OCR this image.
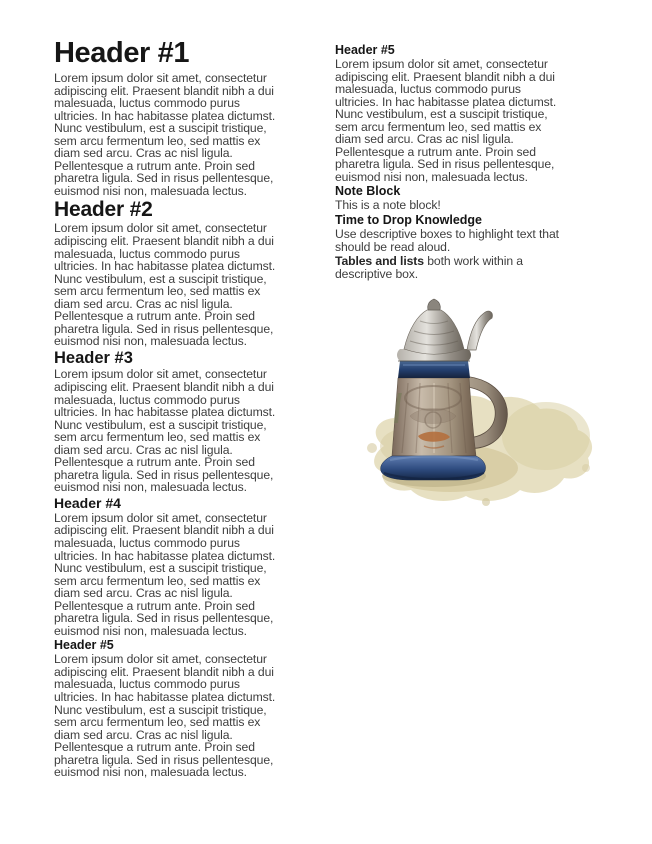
Header #1
Lorem ipsum dolor sit amet, consectetur
adipiscing elit. Praesent blandit nibh a dui
malesuada, luctus commodo purus
ultricies. In hac habitasse platea dictumst.
Nunc vestibulum, est a suscipit tristique,
sem arcu fermentum leo, sed mattis ex
diam sed arcu. Cras ac nisl ligula.
Pellentesque a rutrum ante. Proin sed
pharetra ligula. Sed in risus pellentesque,
euismod nisi non, malesuada lectus.
Header #2
Lorem ipsum dolor sit amet, consectetur
adipiscing elit. Praesent blandit nibh a dui
malesuada, luctus commodo purus
ultricies. In hac habitasse platea dictumst.
Nunc vestibulum, est a suscipit tristique,
sem arcu fermentum leo, sed mattis ex
diam sed arcu. Cras ac nisl ligula.
Pellentesque a rutrum ante. Proin sed
pharetra ligula. Sed in risus pellentesque,
euismod nisi non, malesuada lectus.
Header #3
Lorem ipsum dolor sit amet, consectetur
adipiscing elit. Praesent blandit nibh a dui
malesuada, luctus commodo purus
ultricies. In hac habitasse platea dictumst.
Nunc vestibulum, est a suscipit tristique,
sem arcu fermentum leo, sed mattis ex
diam sed arcu. Cras ac nisl ligula.
Pellentesque a rutrum ante. Proin sed
pharetra ligula. Sed in risus pellentesque,
euismod nisi non, malesuada lectus.
Header #4
Lorem ipsum dolor sit amet, consectetur
adipiscing elit. Praesent blandit nibh a dui
malesuada, luctus commodo purus
ultricies. In hac habitasse platea dictumst.
Nunc vestibulum, est a suscipit tristique,
sem arcu fermentum leo, sed mattis ex
diam sed arcu. Cras ac nisl ligula.
Pellentesque a rutrum ante. Proin sed
pharetra ligula. Sed in risus pellentesque,
euismod nisi non, malesuada lectus.
Header #5
Lorem ipsum dolor sit amet, consectetur
adipiscing elit. Praesent blandit nibh a dui
malesuada, luctus commodo purus
ultricies. In hac habitasse platea dictumst.
Nunc vestibulum, est a suscipit tristique,
sem arcu fermentum leo, sed mattis ex
diam sed arcu. Cras ac nisl ligula.
Pellentesque a rutrum ante. Proin sed
pharetra ligula. Sed in risus pellentesque,
euismod nisi non, malesuada lectus.
Header #5
Lorem ipsum dolor sit amet, consectetur
adipiscing elit. Praesent blandit nibh a dui
malesuada, luctus commodo purus
ultricies. In hac habitasse platea dictumst.
Nunc vestibulum, est a suscipit tristique,
sem arcu fermentum leo, sed mattis ex
diam sed arcu. Cras ac nisl ligula.
Pellentesque a rutrum ante. Proin sed
pharetra ligula. Sed in risus pellentesque,
euismod nisi non, malesuada lectus.
Note Block
This is a note block!
Time to Drop Knowledge
Use descriptive boxes to highlight text that
should be read aloud.
Tables and lists both work within a
descriptive box.
